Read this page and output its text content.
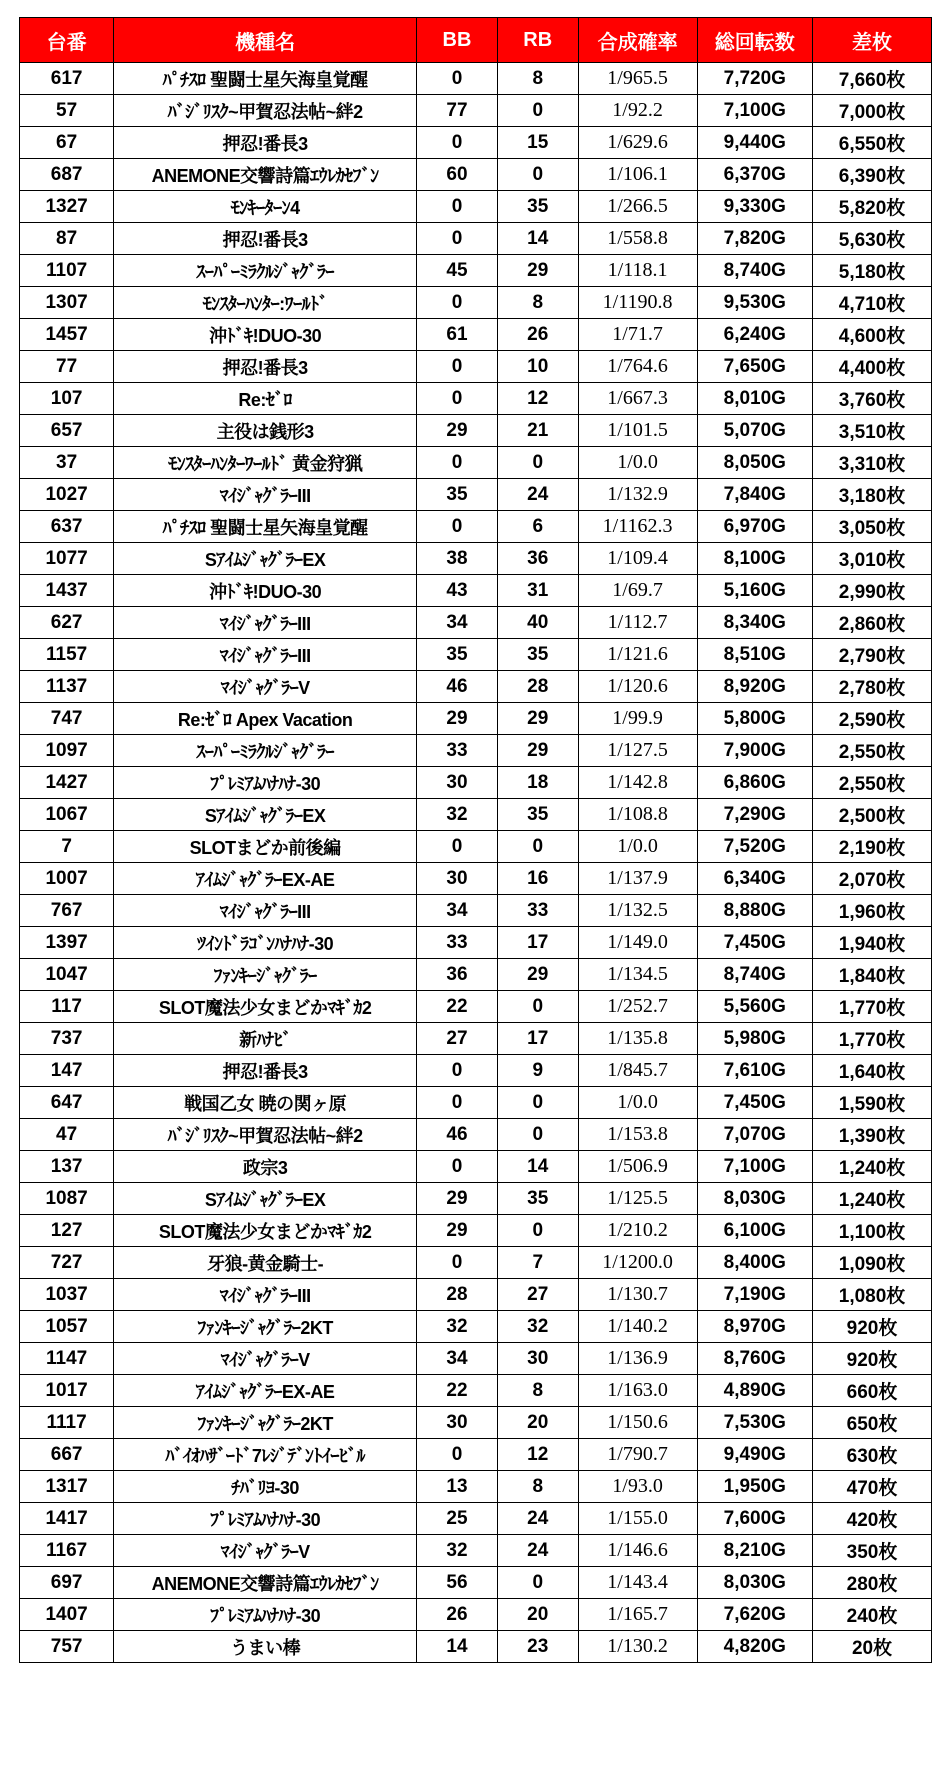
台番	機種名	BB	RB	合成確率	総回転数	差枚
617	ﾊﾟﾁｽﾛ 聖闘士星矢海皇覚醒	0	8	1/965.5	7,720G	7,660枚
57	ﾊﾞｼﾞﾘｽｸ~甲賀忍法帖~絆2	77	0	1/92.2	7,100G	7,000枚
67	押忍!番長3	0	15	1/629.6	9,440G	6,550枚
687	ANEMONE交響詩篇ｴｳﾚｶｾﾌﾞﾝ	60	0	1/106.1	6,370G	6,390枚
1327	ﾓﾝｷｰﾀｰﾝ4	0	35	1/266.5	9,330G	5,820枚
87	押忍!番長3	0	14	1/558.8	7,820G	5,630枚
1107	ｽｰﾊﾟｰﾐﾗｸﾙｼﾞｬｸﾞﾗｰ	45	29	1/118.1	8,740G	5,180枚
1307	ﾓﾝｽﾀｰﾊﾝﾀｰ:ﾜｰﾙﾄﾞ	0	8	1/1190.8	9,530G	4,710枚
1457	沖ﾄﾞｷ!DUO-30	61	26	1/71.7	6,240G	4,600枚
77	押忍!番長3	0	10	1/764.6	7,650G	4,400枚
107	Re:ｾﾞﾛ	0	12	1/667.3	8,010G	3,760枚
657	主役は銭形3	29	21	1/101.5	5,070G	3,510枚
37	ﾓﾝｽﾀｰﾊﾝﾀｰﾜｰﾙﾄﾞ 黄金狩猟	0	0	1/0.0	8,050G	3,310枚
1027	ﾏｲｼﾞｬｸﾞﾗｰIII	35	24	1/132.9	7,840G	3,180枚
637	ﾊﾟﾁｽﾛ 聖闘士星矢海皇覚醒	0	6	1/1162.3	6,970G	3,050枚
1077	SｱｲﾑｼﾞｬｸﾞﾗｰEX	38	36	1/109.4	8,100G	3,010枚
1437	沖ﾄﾞｷ!DUO-30	43	31	1/69.7	5,160G	2,990枚
627	ﾏｲｼﾞｬｸﾞﾗｰIII	34	40	1/112.7	8,340G	2,860枚
1157	ﾏｲｼﾞｬｸﾞﾗｰIII	35	35	1/121.6	8,510G	2,790枚
1137	ﾏｲｼﾞｬｸﾞﾗｰV	46	28	1/120.6	8,920G	2,780枚
747	Re:ｾﾞﾛ Apex Vacation	29	29	1/99.9	5,800G	2,590枚
1097	ｽｰﾊﾟｰﾐﾗｸﾙｼﾞｬｸﾞﾗｰ	33	29	1/127.5	7,900G	2,550枚
1427	ﾌﾟﾚﾐｱﾑﾊﾅﾊﾅ-30	30	18	1/142.8	6,860G	2,550枚
1067	SｱｲﾑｼﾞｬｸﾞﾗｰEX	32	35	1/108.8	7,290G	2,500枚
7	SLOTまどか前後編	0	0	1/0.0	7,520G	2,190枚
1007	ｱｲﾑｼﾞｬｸﾞﾗｰEX-AE	30	16	1/137.9	6,340G	2,070枚
767	ﾏｲｼﾞｬｸﾞﾗｰIII	34	33	1/132.5	8,880G	1,960枚
1397	ﾂｲﾝﾄﾞﾗｺﾞﾝﾊﾅﾊﾅ-30	33	17	1/149.0	7,450G	1,940枚
1047	ﾌｧﾝｷｰｼﾞｬｸﾞﾗｰ	36	29	1/134.5	8,740G	1,840枚
117	SLOT魔法少女まどかﾏｷﾞｶ2	22	0	1/252.7	5,560G	1,770枚
737	新ﾊﾅﾋﾞ	27	17	1/135.8	5,980G	1,770枚
147	押忍!番長3	0	9	1/845.7	7,610G	1,640枚
647	戦国乙女 暁の関ヶ原	0	0	1/0.0	7,450G	1,590枚
47	ﾊﾞｼﾞﾘｽｸ~甲賀忍法帖~絆2	46	0	1/153.8	7,070G	1,390枚
137	政宗3	0	14	1/506.9	7,100G	1,240枚
1087	SｱｲﾑｼﾞｬｸﾞﾗｰEX	29	35	1/125.5	8,030G	1,240枚
127	SLOT魔法少女まどかﾏｷﾞｶ2	29	0	1/210.2	6,100G	1,100枚
727	牙狼-黄金騎士-	0	7	1/1200.0	8,400G	1,090枚
1037	ﾏｲｼﾞｬｸﾞﾗｰIII	28	27	1/130.7	7,190G	1,080枚
1057	ﾌｧﾝｷｰｼﾞｬｸﾞﾗｰ2KT	32	32	1/140.2	8,970G	920枚
1147	ﾏｲｼﾞｬｸﾞﾗｰV	34	30	1/136.9	8,760G	920枚
1017	ｱｲﾑｼﾞｬｸﾞﾗｰEX-AE	22	8	1/163.0	4,890G	660枚
1117	ﾌｧﾝｷｰｼﾞｬｸﾞﾗｰ2KT	30	20	1/150.6	7,530G	650枚
667	ﾊﾞｲｵﾊｻﾞｰﾄﾞ7ﾚｼﾞﾃﾞﾝﾄｲｰﾋﾞﾙ	0	12	1/790.7	9,490G	630枚
1317	ﾁﾊﾞﾘﾖ-30	13	8	1/93.0	1,950G	470枚
1417	ﾌﾟﾚﾐｱﾑﾊﾅﾊﾅ-30	25	24	1/155.0	7,600G	420枚
1167	ﾏｲｼﾞｬｸﾞﾗｰV	32	24	1/146.6	8,210G	350枚
697	ANEMONE交響詩篇ｴｳﾚｶｾﾌﾞﾝ	56	0	1/143.4	8,030G	280枚
1407	ﾌﾟﾚﾐｱﾑﾊﾅﾊﾅ-30	26	20	1/165.7	7,620G	240枚
757	うまい棒	14	23	1/130.2	4,820G	20枚
